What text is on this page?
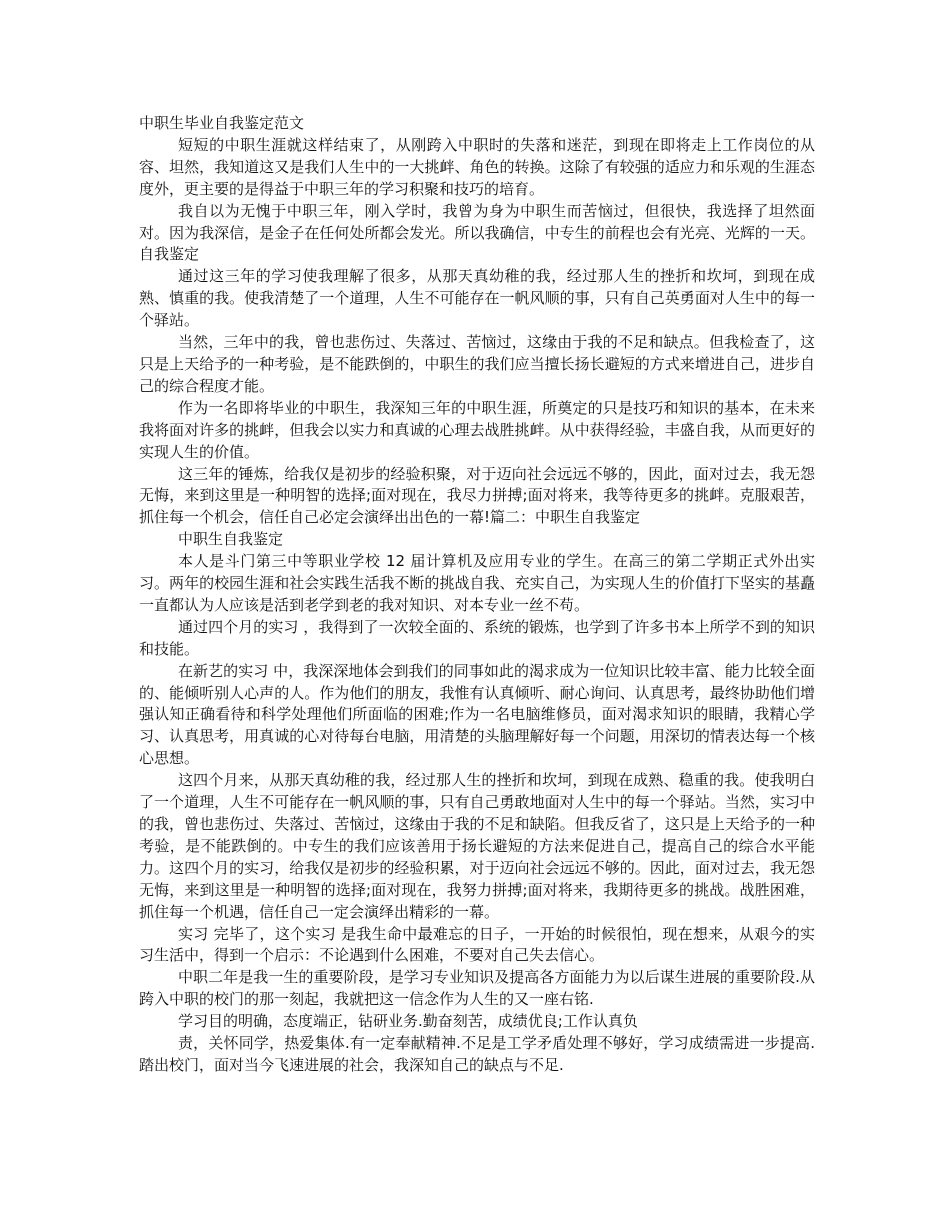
中职生毕业自我鉴定范文

短短的中职生涯就这样结束了，从刚跨入中职时的失落和迷茫，到现在即将走上工作岗位的从容、坦然，我知道这又是我们人生中的一大挑衅、角色的转换。这除了有较强的适应力和乐观的生涯态度外，更主要的是得益于中职三年的学习积聚和技巧的培育。

我自以为无愧于中职三年，刚入学时，我曾为身为中职生而苦恼过，但很快，我选择了坦然面对。因为我深信，是金子在任何处所都会发光。所以我确信，中专生的前程也会有光亮、光辉的一天。自我鉴定

通过这三年的学习使我理解了很多，从那天真幼稚的我，经过那人生的挫折和坎坷，到现在成熟、慎重的我。使我清楚了一个道理，人生不可能存在一帆风顺的事，只有自己英勇面对人生中的每一个驿站。

当然，三年中的我，曾也悲伤过、失落过、苦恼过，这缘由于我的不足和缺点。但我检查了，这只是上天给予的一种考验，是不能跌倒的，中职生的我们应当擅长扬长避短的方式来增进自己，进步自己的综合程度才能。

作为一名即将毕业的中职生，我深知三年的中职生涯，所奠定的只是技巧和知识的基本，在未来我将面对许多的挑衅，但我会以实力和真诚的心理去战胜挑衅。从中获得经验，丰盛自我，从而更好的实现人生的价值。

这三年的锤炼，给我仅是初步的经验积聚，对于迈向社会远远不够的，因此，面对过去，我无怨无悔，来到这里是一种明智的选择;面对现在，我尽力拼搏;面对将来，我等待更多的挑衅。克服艰苦，抓住每一个机会，信任自己必定会演绎出出色的一幕!篇二：中职生自我鉴定

中职生自我鉴定

本人是斗门第三中等职业学校 12 届计算机及应用专业的学生。在高三的第二学期正式外出实习。两年的校园生涯和社会实践生活我不断的挑战自我、充实自己，为实现人生的价值打下坚实的基矗一直都认为人应该是活到老学到老的我对知识、对本专业一丝不苟。

通过四个月的实习 ，我得到了一次较全面的、系统的锻炼，也学到了许多书本上所学不到的知识和技能。

在新艺的实习 中，我深深地体会到我们的同事如此的渴求成为一位知识比较丰富、能力比较全面的、能倾听别人心声的人。作为他们的朋友，我惟有认真倾听、耐心询问、认真思考，最终协助他们增强认知正确看待和科学处理他们所面临的困难;作为一名电脑维修员，面对渴求知识的眼睛，我精心学习、认真思考，用真诚的心对待每台电脑，用清楚的头脑理解好每一个问题，用深切的情表达每一个核心思想。

这四个月来，从那天真幼稚的我，经过那人生的挫折和坎坷，到现在成熟、稳重的我。使我明白了一个道理，人生不可能存在一帆风顺的事，只有自己勇敢地面对人生中的每一个驿站。当然，实习中的我，曾也悲伤过、失落过、苦恼过，这缘由于我的不足和缺陷。但我反省了，这只是上天给予的一种考验，是不能跌倒的。中专生的我们应该善用于扬长避短的方法来促进自己，提高自己的综合水平能力。这四个月的实习，给我仅是初步的经验积累，对于迈向社会远远不够的。因此，面对过去，我无怨无悔，来到这里是一种明智的选择;面对现在，我努力拼搏;面对将来，我期待更多的挑战。战胜困难，抓住每一个机遇，信任自己一定会演绎出精彩的一幕。

实习 完毕了，这个实习 是我生命中最难忘的日子，一开始的时候很怕，现在想来，从艰今的实习生活中，得到一个启示：不论遇到什么困难，不要对自己失去信心。

中职二年是我一生的重要阶段，是学习专业知识及提高各方面能力为以后谋生进展的重要阶段.从跨入中职的校门的那一刻起，我就把这一信念作为人生的又一座右铭.

学习目的明确，态度端正，钻研业务.勤奋刻苦，成绩优良;工作认真负

责，关怀同学，热爱集体.有一定奉献精神.不足是工学矛盾处理不够好，学习成绩需进一步提高.踏出校门，面对当今飞速进展的社会，我深知自己的缺点与不足.
